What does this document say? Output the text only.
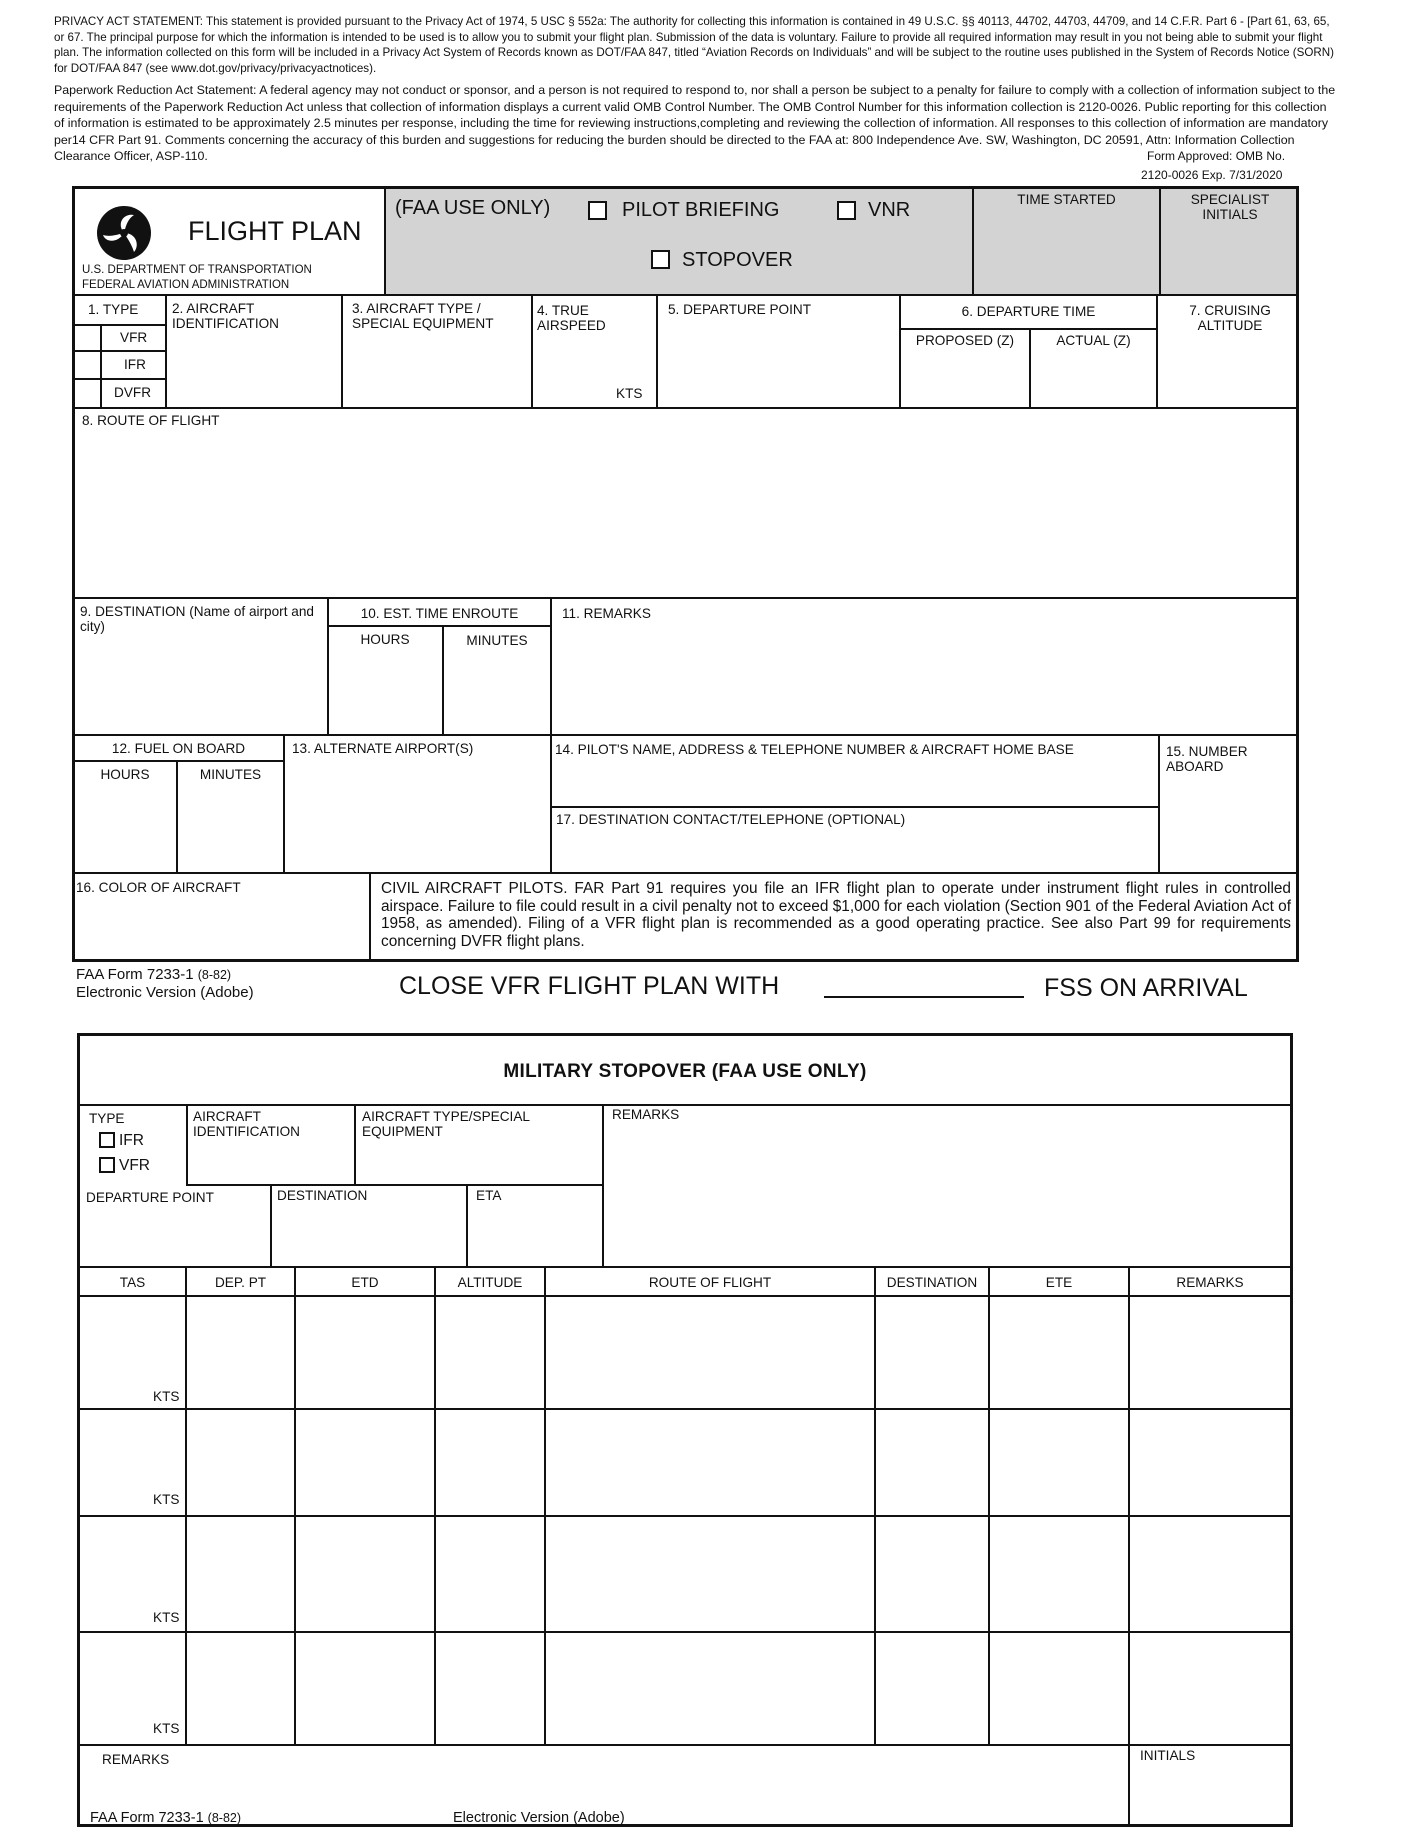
PRIVACY ACT STATEMENT: This statement is provided pursuant to the Privacy Act of 1974, 5 USC § 552a: The authority for collecting this information is contained in 49 U.S.C. §§ 40113, 44702, 44703, 44709, and 14 C.F.R. Part 6 - [Part 61, 63, 65, or 67. The principal purpose for which the information is intended to be used is to allow you to submit your flight plan. Submission of the data is voluntary. Failure to provide all required information may result in you not being able to submit your flight plan. The information collected on this form will be included in a Privacy Act System of Records known as DOT/FAA 847, titled “Aviation Records on Individuals” and will be subject to the routine uses published in the System of Records Notice (SORN) for DOT/FAA 847 (see www.dot.gov/privacy/privacyactnotices).
Paperwork Reduction Act Statement: A federal agency may not conduct or sponsor, and a person is not required to respond to, nor shall a person be subject to a penalty for failure to comply with a collection of information subject to the requirements of the Paperwork Reduction Act unless that collection of information displays a current valid OMB Control Number. The OMB Control Number for this information collection is 2120-0026. Public reporting for this collection of information is estimated to be approximately 2.5 minutes per response, including the time for reviewing instructions,completing and reviewing the collection of information. All responses to this collection of information are mandatory per14 CFR Part 91. Comments concerning the accuracy of this burden and suggestions for reducing the burden should be directed to the FAA at: 800 Independence Ave. SW, Washington, DC 20591, Attn: Information Collection Clearance Officer, ASP-110.	Form Approved: OMB No.
2120-0026 Exp. 7/31/2020
FLIGHT PLAN
U.S. DEPARTMENT OF TRANSPORTATION
FEDERAL AVIATION ADMINISTRATION
(FAA USE ONLY)	PILOT BRIEFING	VNR
STOPOVER
TIME STARTED	SPECIALIST INITIALS
1. TYPE
VFR
IFR
DVFR
2. AIRCRAFT IDENTIFICATION
3. AIRCRAFT TYPE / SPECIAL EQUIPMENT
4. TRUE AIRSPEED
KTS
5. DEPARTURE POINT	6. DEPARTURE TIME
PROPOSED (Z)	ACTUAL (Z)
7. CRUISING ALTITUDE
8. ROUTE OF FLIGHT
9. DESTINATION (Name of airport and city)
10. EST. TIME ENROUTE
HOURS	MINUTES
11. REMARKS
12. FUEL ON BOARD
HOURS	MINUTES
13. ALTERNATE AIRPORT(S)	14. PILOT'S NAME, ADDRESS & TELEPHONE NUMBER & AIRCRAFT HOME BASE	15. NUMBER ABOARD
17. DESTINATION CONTACT/TELEPHONE (OPTIONAL)
16. COLOR OF AIRCRAFT	CIVIL AIRCRAFT PILOTS. FAR Part 91 requires you file an IFR flight plan to operate under instrument flight rules in controlled airspace. Failure to file could result in a civil penalty not to exceed $1,000 for each violation (Section 901 of the Federal Aviation Act of 1958, as amended). Filing of a VFR flight plan is recommended as a good operating practice. See also Part 99 for requirements concerning DVFR flight plans.
FAA Form 7233-1 (8-82)
Electronic Version (Adobe)	CLOSE VFR FLIGHT PLAN WITH	FSS ON ARRIVAL
MILITARY STOPOVER (FAA USE ONLY)
TYPE
IFR
VFR
AIRCRAFT IDENTIFICATION
AIRCRAFT TYPE/SPECIAL EQUIPMENT
REMARKS
DEPARTURE POINT	DESTINATION	ETA
TAS	DEP. PT	ETD	ALTITUDE	ROUTE OF FLIGHT	DESTINATION	ETE	REMARKS
KTS
KTS
KTS
KTS
REMARKS	INITIALS
FAA Form 7233-1 (8-82)	Electronic Version (Adobe)
